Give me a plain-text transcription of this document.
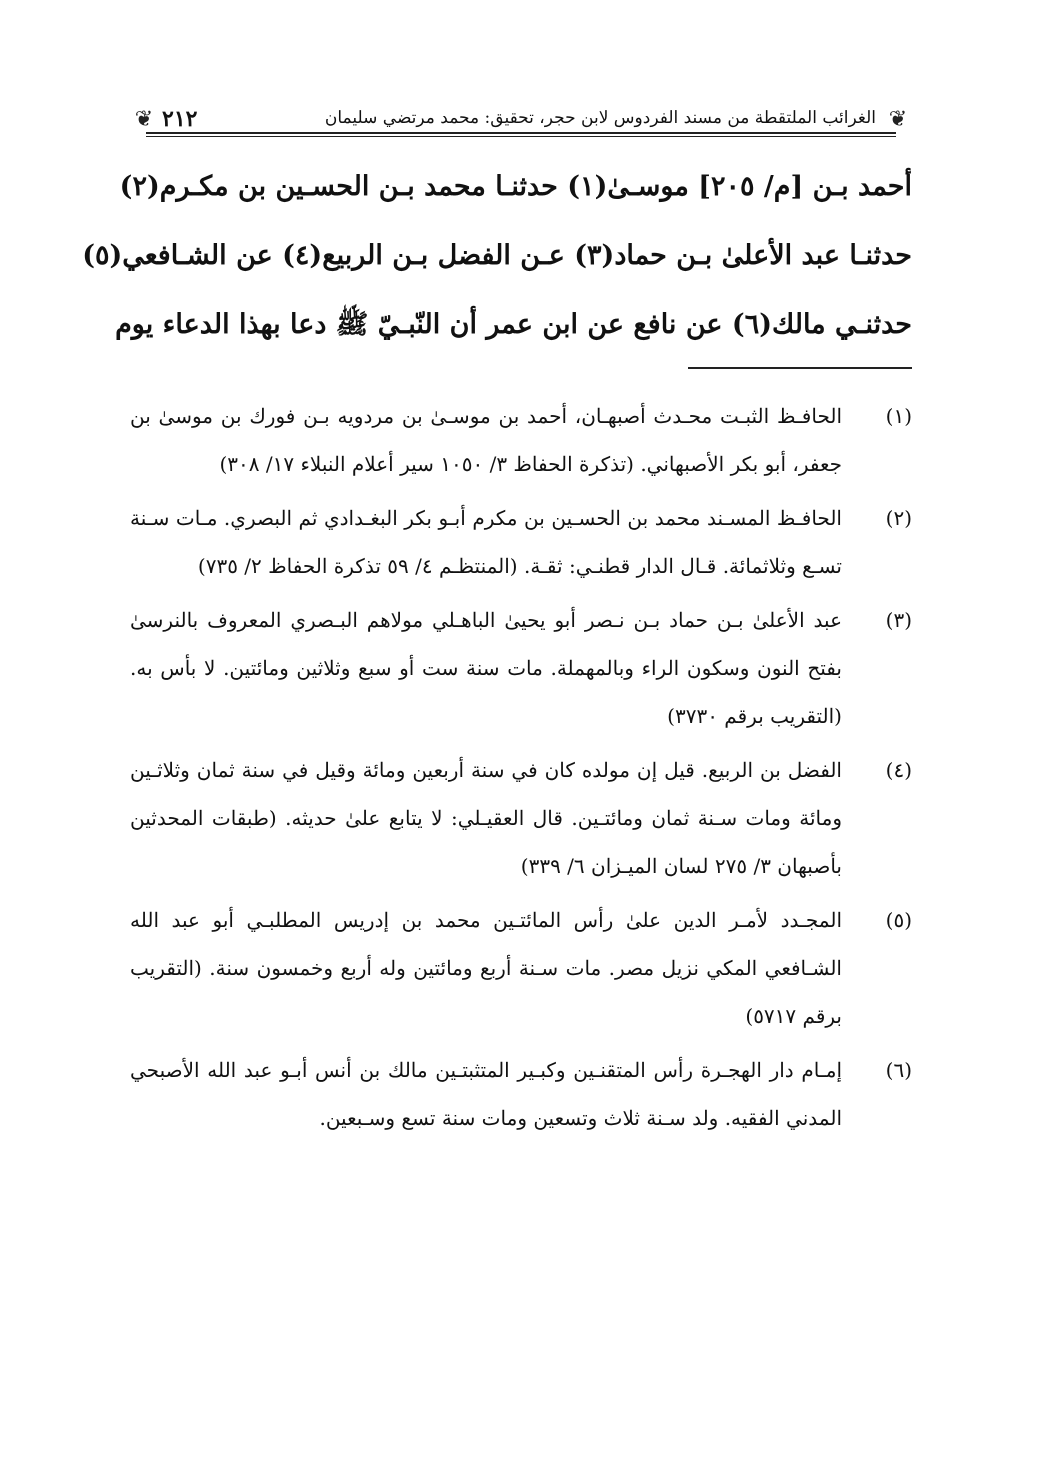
❦ ٢١٢	الغرائب الملتقطة من مسند الفردوس لابن حجر، تحقيق: محمد مرتضي سليمان ❦
أحمد بـن [م/ ٢٠٥] موسـىٰ(١) حدثنـا محمد بـن الحسـين بن مكـرم(٢)
حدثنـا عبد الأعلىٰ بـن حماد(٣) عـن الفضل بـن الربيع(٤) عن الشـافعي(٥)
حدثنـي مالك(٦) عن نافع عن ابن عمر أن النّبـيّ ﷺ دعا بهذا الدعاء يوم
(١)
الحافـظ الثبـت محـدث أصبهـان، أحمد بن موسـىٰ بن مردويه بـن فورك بن موسىٰ بن جعفر، أبو بكر الأصبهاني. (تذكرة الحفاظ ٣/ ١٠٥٠ سير أعلام النبلاء ١٧/ ٣٠٨)
(٢)
الحافـظ المسـند محمد بن الحسـين بن مكرم أبـو بكر البغـدادي ثم البصري. مـات سـنة تسـع وثلاثمائة. قـال الدار قطنـي: ثقـة. (المنتظـم ٤/ ٥٩ تذكرة الحفاظ ٢/ ٧٣٥)
(٣)
عبد الأعلىٰ بـن حماد بـن نـصر أبو يحيىٰ الباهـلي مولاهم البـصري المعروف بالنرسىٰ بفتح النون وسكون الراء وبالمهملة. مات سنة ست أو سبع وثلاثين ومائتين. لا بأس به. (التقريب برقم ٣٧٣٠)
(٤)
الفضل بن الربيع. قيل إن مولده كان في سنة أربعين ومائة وقيل في سنة ثمان وثلاثـين ومائة ومات سـنة ثمان ومائتـين. قال العقيـلي: لا يتابع علىٰ حديثه. (طبقات المحدثين بأصبهان ٣/ ٢٧٥ لسان الميـزان ٦/ ٣٣٩)
(٥)
المجـدد لأمـر الدين علىٰ رأس المائتـين محمد بن إدريس المطلبـي أبو عبد الله الشـافعي المكي نزيل مصر. مات سـنة أربع ومائتين وله أربع وخمسون سنة. (التقريب برقم ٥٧١٧)
(٦)
إمـام دار الهجـرة رأس المتقنـين وكبـير المتثبتـين مالك بن أنس أبـو عبد الله الأصبحي المدني الفقيه. ولد سـنة ثلاث وتسعين ومات سنة تسع وسـبعين.
